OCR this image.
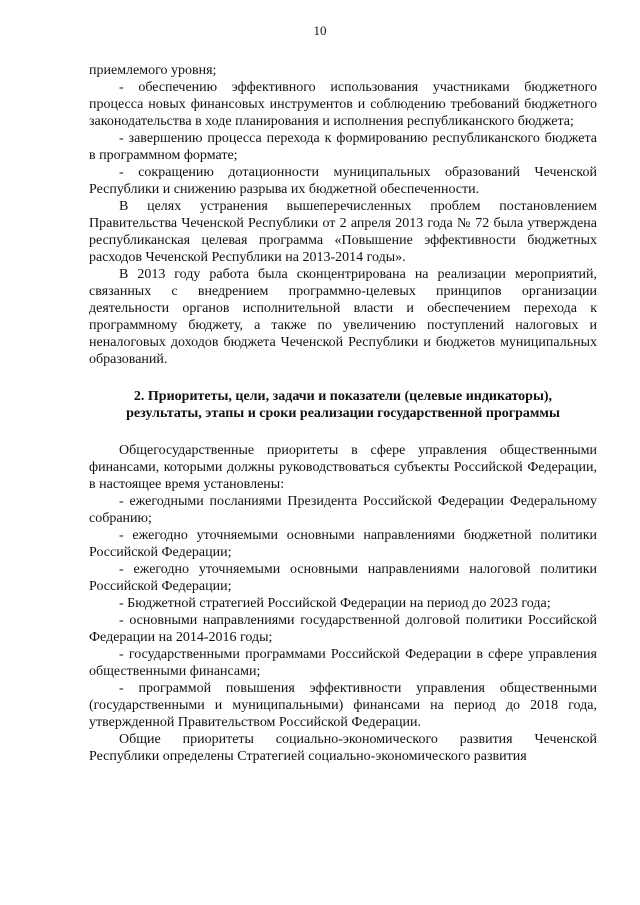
10

приемлемого уровня;

- обеспечению эффективного использования участниками бюджетного процесса новых финансовых инструментов и соблюдению требований бюджетного законодательства в ходе планирования и исполнения республиканского бюджета;

- завершению процесса перехода к формированию республиканского бюджета в программном формате;

- сокращению дотационности муниципальных образований Чеченской Республики и снижению разрыва их бюджетной обеспеченности.

В целях устранения вышеперечисленных проблем постановлением Правительства Чеченской Республики от 2 апреля 2013 года № 72 была утверждена республиканская целевая программа «Повышение эффективности бюджетных расходов Чеченской Республики на 2013-2014 годы».

В 2013 году работа была сконцентрирована на реализации мероприятий, связанных с внедрением программно-целевых принципов организации деятельности органов исполнительной власти и обеспечением перехода к программному бюджету, а также по увеличению поступлений налоговых и неналоговых доходов бюджета Чеченской Республики и бюджетов муниципальных образований.

2. Приоритеты, цели, задачи и показатели (целевые индикаторы),
результаты, этапы и сроки реализации государственной программы

Общегосударственные приоритеты в сфере управления общественными финансами, которыми должны руководствоваться субъекты Российской Федерации, в настоящее время установлены:

- ежегодными посланиями Президента Российской Федерации Федеральному собранию;

- ежегодно уточняемыми основными направлениями бюджетной политики Российской Федерации;

- ежегодно уточняемыми основными направлениями налоговой политики Российской Федерации;

- Бюджетной стратегией Российской Федерации на период до 2023 года;

- основными направлениями государственной долговой политики Российской Федерации на 2014-2016 годы;

- государственными программами Российской Федерации в сфере управления общественными финансами;

- программой повышения эффективности управления общественными (государственными и муниципальными) финансами на период до 2018 года, утвержденной Правительством Российской Федерации.

Общие приоритеты социально-экономического развития Чеченской Республики определены Стратегией социально-экономического развития
